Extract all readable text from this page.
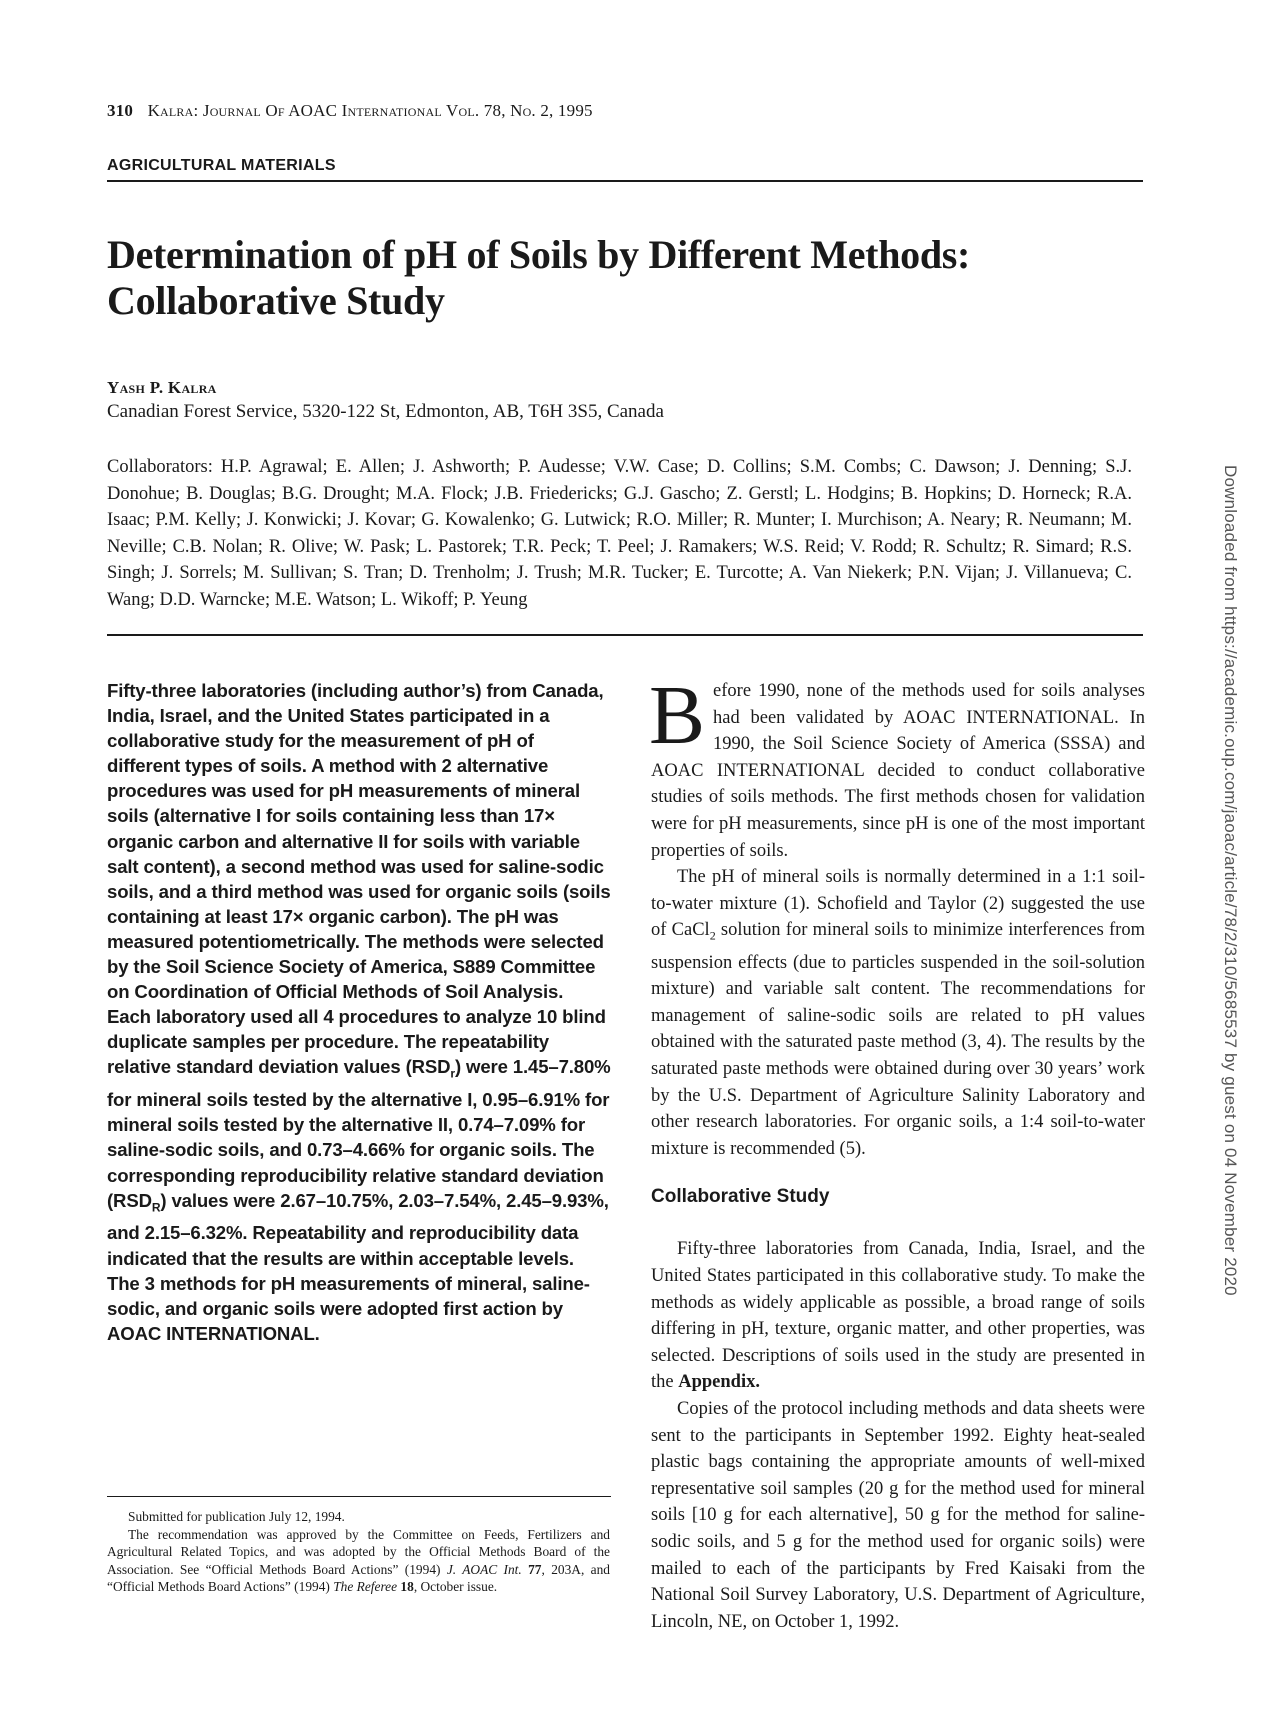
310 Kalra: Journal Of AOAC International Vol. 78, No. 2, 1995
AGRICULTURAL MATERIALS
Determination of pH of Soils by Different Methods: Collaborative Study
Yash P. Kalra
Canadian Forest Service, 5320-122 St, Edmonton, AB, T6H 3S5, Canada
Collaborators: H.P. Agrawal; E. Allen; J. Ashworth; P. Audesse; V.W. Case; D. Collins; S.M. Combs; C. Dawson; J. Denning; S.J. Donohue; B. Douglas; B.G. Drought; M.A. Flock; J.B. Friedericks; G.J. Gascho; Z. Gerstl; L. Hodgins; B. Hopkins; D. Horneck; R.A. Isaac; P.M. Kelly; J. Konwicki; J. Kovar; G. Kowalenko; G. Lutwick; R.O. Miller; R. Munter; I. Murchison; A. Neary; R. Neumann; M. Neville; C.B. Nolan; R. Olive; W. Pask; L. Pastorek; T.R. Peck; T. Peel; J. Ramakers; W.S. Reid; V. Rodd; R. Schultz; R. Simard; R.S. Singh; J. Sorrels; M. Sullivan; S. Tran; D. Trenholm; J. Trush; M.R. Tucker; E. Turcotte; A. Van Niekerk; P.N. Vijan; J. Villanueva; C. Wang; D.D. Warncke; M.E. Watson; L. Wikoff; P. Yeung

Fifty-three laboratories (including author’s) from Canada, India, Israel, and the United States participated in a collaborative study for the measurement of pH of different types of soils. A method with 2 alternative procedures was used for pH measurements of mineral soils (alternative I for soils containing less than 17× organic carbon and alternative II for soils with variable salt content), a second method was used for saline-sodic soils, and a third method was used for organic soils (soils containing at least 17× organic carbon). The pH was measured potentiometrically. The methods were selected by the Soil Science Society of America, S889 Committee on Coordination of Official Methods of Soil Analysis. Each laboratory used all 4 procedures to analyze 10 blind duplicate samples per procedure. The repeatability relative standard deviation values $(RSD_r)$ were 1.45–7.80% for mineral soils tested by the alternative I, 0.95–6.91% for mineral soils tested by the alternative II, 0.74–7.09% for saline-sodic soils, and 0.73–4.66% for organic soils. The corresponding reproducibility relative standard deviation $(RSD_R)$ values were 2.67–10.75%, 2.03–7.54%, 2.45–9.93%, and 2.15–6.32%. Repeatability and reproducibility data indicated that the results are within acceptable levels. The 3 methods for pH measurements of mineral, saline-sodic, and organic soils were adopted first action by AOAC INTERNATIONAL.

Submitted for publication July 12, 1994.

The recommendation was approved by the Committee on Feeds, Fertilizers and Agricultural Related Topics, and was adopted by the Official Methods Board of the Association. See “Official Methods Board Actions” (1994) J. AOAC Int. 77, 203A, and “Official Methods Board Actions” (1994) The Referee 18, October issue.

Before 1990, none of the methods used for soils analyses had been validated by AOAC INTERNATIONAL. In 1990, the Soil Science Society of America (SSSA) and AOAC INTERNATIONAL decided to conduct collaborative studies of soils methods. The first methods chosen for validation were for pH measurements, since pH is one of the most important properties of soils.

The pH of mineral soils is normally determined in a 1:1 soil-to-water mixture (1). Schofield and Taylor (2) suggested the use of CaCl$_2$ solution for mineral soils to minimize interferences from suspension effects (due to particles suspended in the soil-solution mixture) and variable salt content. The recommendations for management of saline-sodic soils are related to pH values obtained with the saturated paste method (3, 4). The results by the saturated paste methods were obtained during over 30 years’ work by the U.S. Department of Agriculture Salinity Laboratory and other research laboratories. For organic soils, a 1:4 soil-to-water mixture is recommended (5).

Collaborative Study

Fifty-three laboratories from Canada, India, Israel, and the United States participated in this collaborative study. To make the methods as widely applicable as possible, a broad range of soils differing in pH, texture, organic matter, and other properties, was selected. Descriptions of soils used in the study are presented in the Appendix.

Copies of the protocol including methods and data sheets were sent to the participants in September 1992. Eighty heat-sealed plastic bags containing the appropriate amounts of well-mixed representative soil samples (20 g for the method used for mineral soils [10 g for each alternative], 50 g for the method for saline-sodic soils, and 5 g for the method used for organic soils) were mailed to each of the participants by Fred Kaisaki from the National Soil Survey Laboratory, U.S. Department of Agriculture, Lincoln, NE, on October 1, 1992.

Downloaded from https://academic.oup.com/jaoac/article/78/2/310/5685537 by guest on 04 November 2020
